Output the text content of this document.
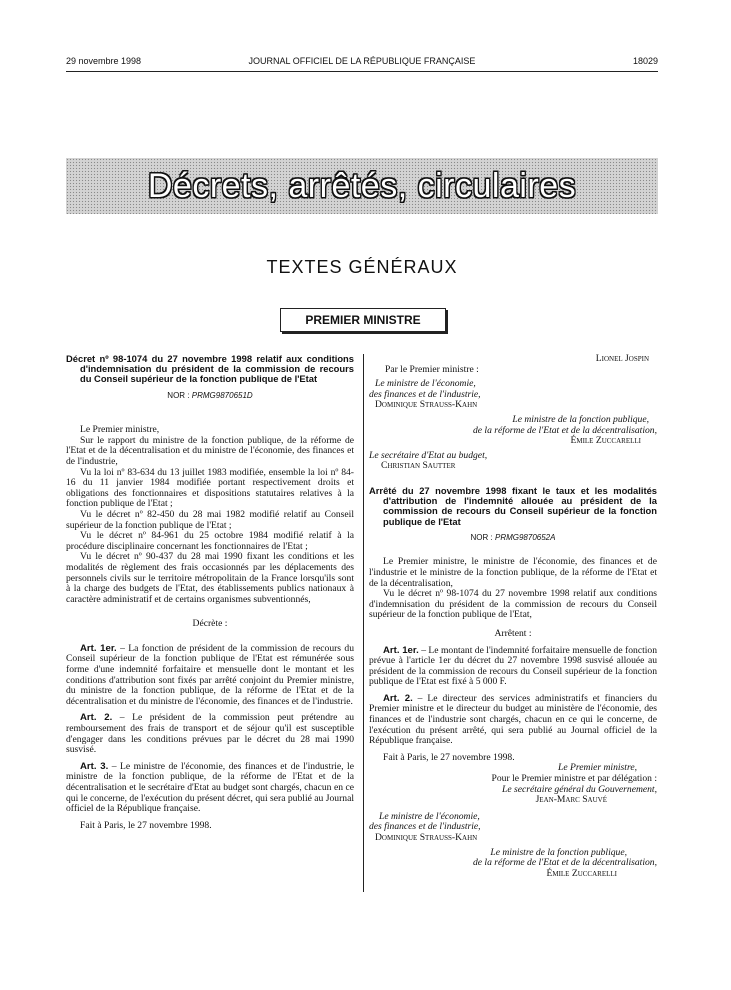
29 novembre 1998	JOURNAL OFFICIEL DE LA RÉPUBLIQUE FRANÇAISE	18029
Décrets, arrêtés, circulaires
TEXTES GÉNÉRAUX
PREMIER MINISTRE

Décret nº 98-1074 du 27 novembre 1998 relatif aux conditions d'indemnisation du président de la commission de recours du Conseil supérieur de la fonction publique de l'Etat

NOR : PRMG9870651D

Le Premier ministre,

Sur le rapport du ministre de la fonction publique, de la réforme de l'Etat et de la décentralisation et du ministre de l'économie, des finances et de l'industrie,

Vu la loi nº 83-634 du 13 juillet 1983 modifiée, ensemble la loi nº 84-16 du 11 janvier 1984 modifiée portant respectivement droits et obligations des fonctionnaires et dispositions statutaires relatives à la fonction publique de l'Etat ;

Vu le décret nº 82-450 du 28 mai 1982 modifié relatif au Conseil supérieur de la fonction publique de l'Etat ;

Vu le décret nº 84-961 du 25 octobre 1984 modifié relatif à la procédure disciplinaire concernant les fonctionnaires de l'Etat ;

Vu le décret nº 90-437 du 28 mai 1990 fixant les conditions et les modalités de règlement des frais occasionnés par les déplacements des personnels civils sur le territoire métropolitain de la France lorsqu'ils sont à la charge des budgets de l'Etat, des établissements publics nationaux à caractère administratif et de certains organismes subventionnés,

Décrète :

Art. 1er. – La fonction de président de la commission de recours du Conseil supérieur de la fonction publique de l'Etat est rémunérée sous forme d'une indemnité forfaitaire et mensuelle dont le montant et les conditions d'attribution sont fixés par arrêté conjoint du Premier ministre, du ministre de la fonction publique, de la réforme de l'Etat et de la décentralisation et du ministre de l'économie, des finances et de l'industrie.

Art. 2. – Le président de la commission peut prétendre au remboursement des frais de transport et de séjour qu'il est susceptible d'engager dans les conditions prévues par le décret du 28 mai 1990 susvisé.

Art. 3. – Le ministre de l'économie, des finances et de l'industrie, le ministre de la fonction publique, de la réforme de l'Etat et de la décentralisation et le secrétaire d'Etat au budget sont chargés, chacun en ce qui le concerne, de l'exécution du présent décret, qui sera publié au Journal officiel de la République française.

Fait à Paris, le 27 novembre 1998.

Lionel Jospin

Par le Premier ministre :

Le ministre de l'économie,

des finances et de l'industrie,

Dominique Strauss-Kahn

Le ministre de la fonction publique,

de la réforme de l'Etat et de la décentralisation,

Émile Zuccarelli

Le secrétaire d'Etat au budget,

Christian Sautter

Arrêté du 27 novembre 1998 fixant le taux et les modalités d'attribution de l'indemnité allouée au président de la commission de recours du Conseil supérieur de la fonction publique de l'Etat

NOR : PRMG9870652A

Le Premier ministre, le ministre de l'économie, des finances et de l'industrie et le ministre de la fonction publique, de la réforme de l'Etat et de la décentralisation,

Vu le décret nº 98-1074 du 27 novembre 1998 relatif aux conditions d'indemnisation du président de la commission de recours du Conseil supérieur de la fonction publique de l'Etat,

Arrêtent :

Art. 1er. – Le montant de l'indemnité forfaitaire mensuelle de fonction prévue à l'article 1er du décret du 27 novembre 1998 susvisé allouée au président de la commission de recours du Conseil supérieur de la fonction publique de l'Etat est fixé à 5 000 F.

Art. 2. – Le directeur des services administratifs et financiers du Premier ministre et le directeur du budget au ministère de l'économie, des finances et de l'industrie sont chargés, chacun en ce qui le concerne, de l'exécution du présent arrêté, qui sera publié au Journal officiel de la République française.

Fait à Paris, le 27 novembre 1998.

Le Premier ministre,

Pour le Premier ministre et par délégation :

Le secrétaire général du Gouvernement,

Jean-Marc Sauvé

Le ministre de l'économie,

des finances et de l'industrie,

Dominique Strauss-Kahn

Le ministre de la fonction publique,

de la réforme de l'Etat et de la décentralisation,

Émile Zuccarelli
